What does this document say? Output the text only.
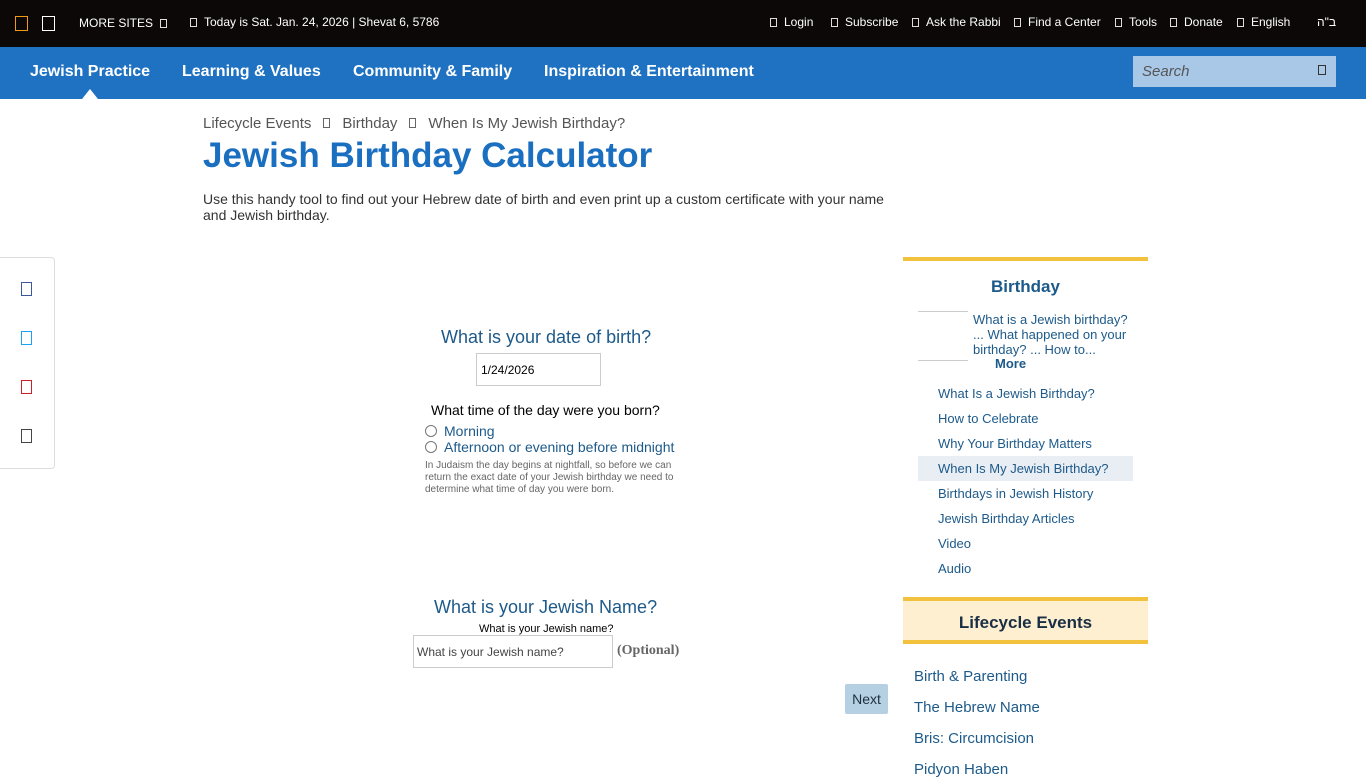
MORE SITES	Today is Sat. Jan. 24, 2026 | Shevat 6, 5786	Login	Subscribe	Ask the Rabbi	Find a Center	Tools	Donate	English ב"ה
Jewish Practice Learning & Values Community & Family Inspiration & Entertainment
Search
Lifecycle Events Birthday When Is My Jewish Birthday?
Jewish Birthday Calculator

Use this handy tool to find out your Hebrew date of birth and even print up a custom certificate with your name and Jewish birthday.

What is your date of birth?
1/24/2026
What time of the day were you born?
Morning
Afternoon or evening before midnight
In Judaism the day begins at nightfall, so before we can return the exact date of your Jewish birthday we need to determine what time of day you were born.
What is your Jewish Name?
What is your Jewish name?
What is your Jewish name?
(Optional)
Next
Birthday
What is a Jewish birthday? ... What happened on your birthday? ... How to...
More
What Is a Jewish Birthday?
How to Celebrate
Why Your Birthday Matters
When Is My Jewish Birthday?
Birthdays in Jewish History
Jewish Birthday Articles
Video
Audio
Lifecycle Events
Birth & Parenting
The Hebrew Name
Bris: Circumcision
Pidyon Haben
